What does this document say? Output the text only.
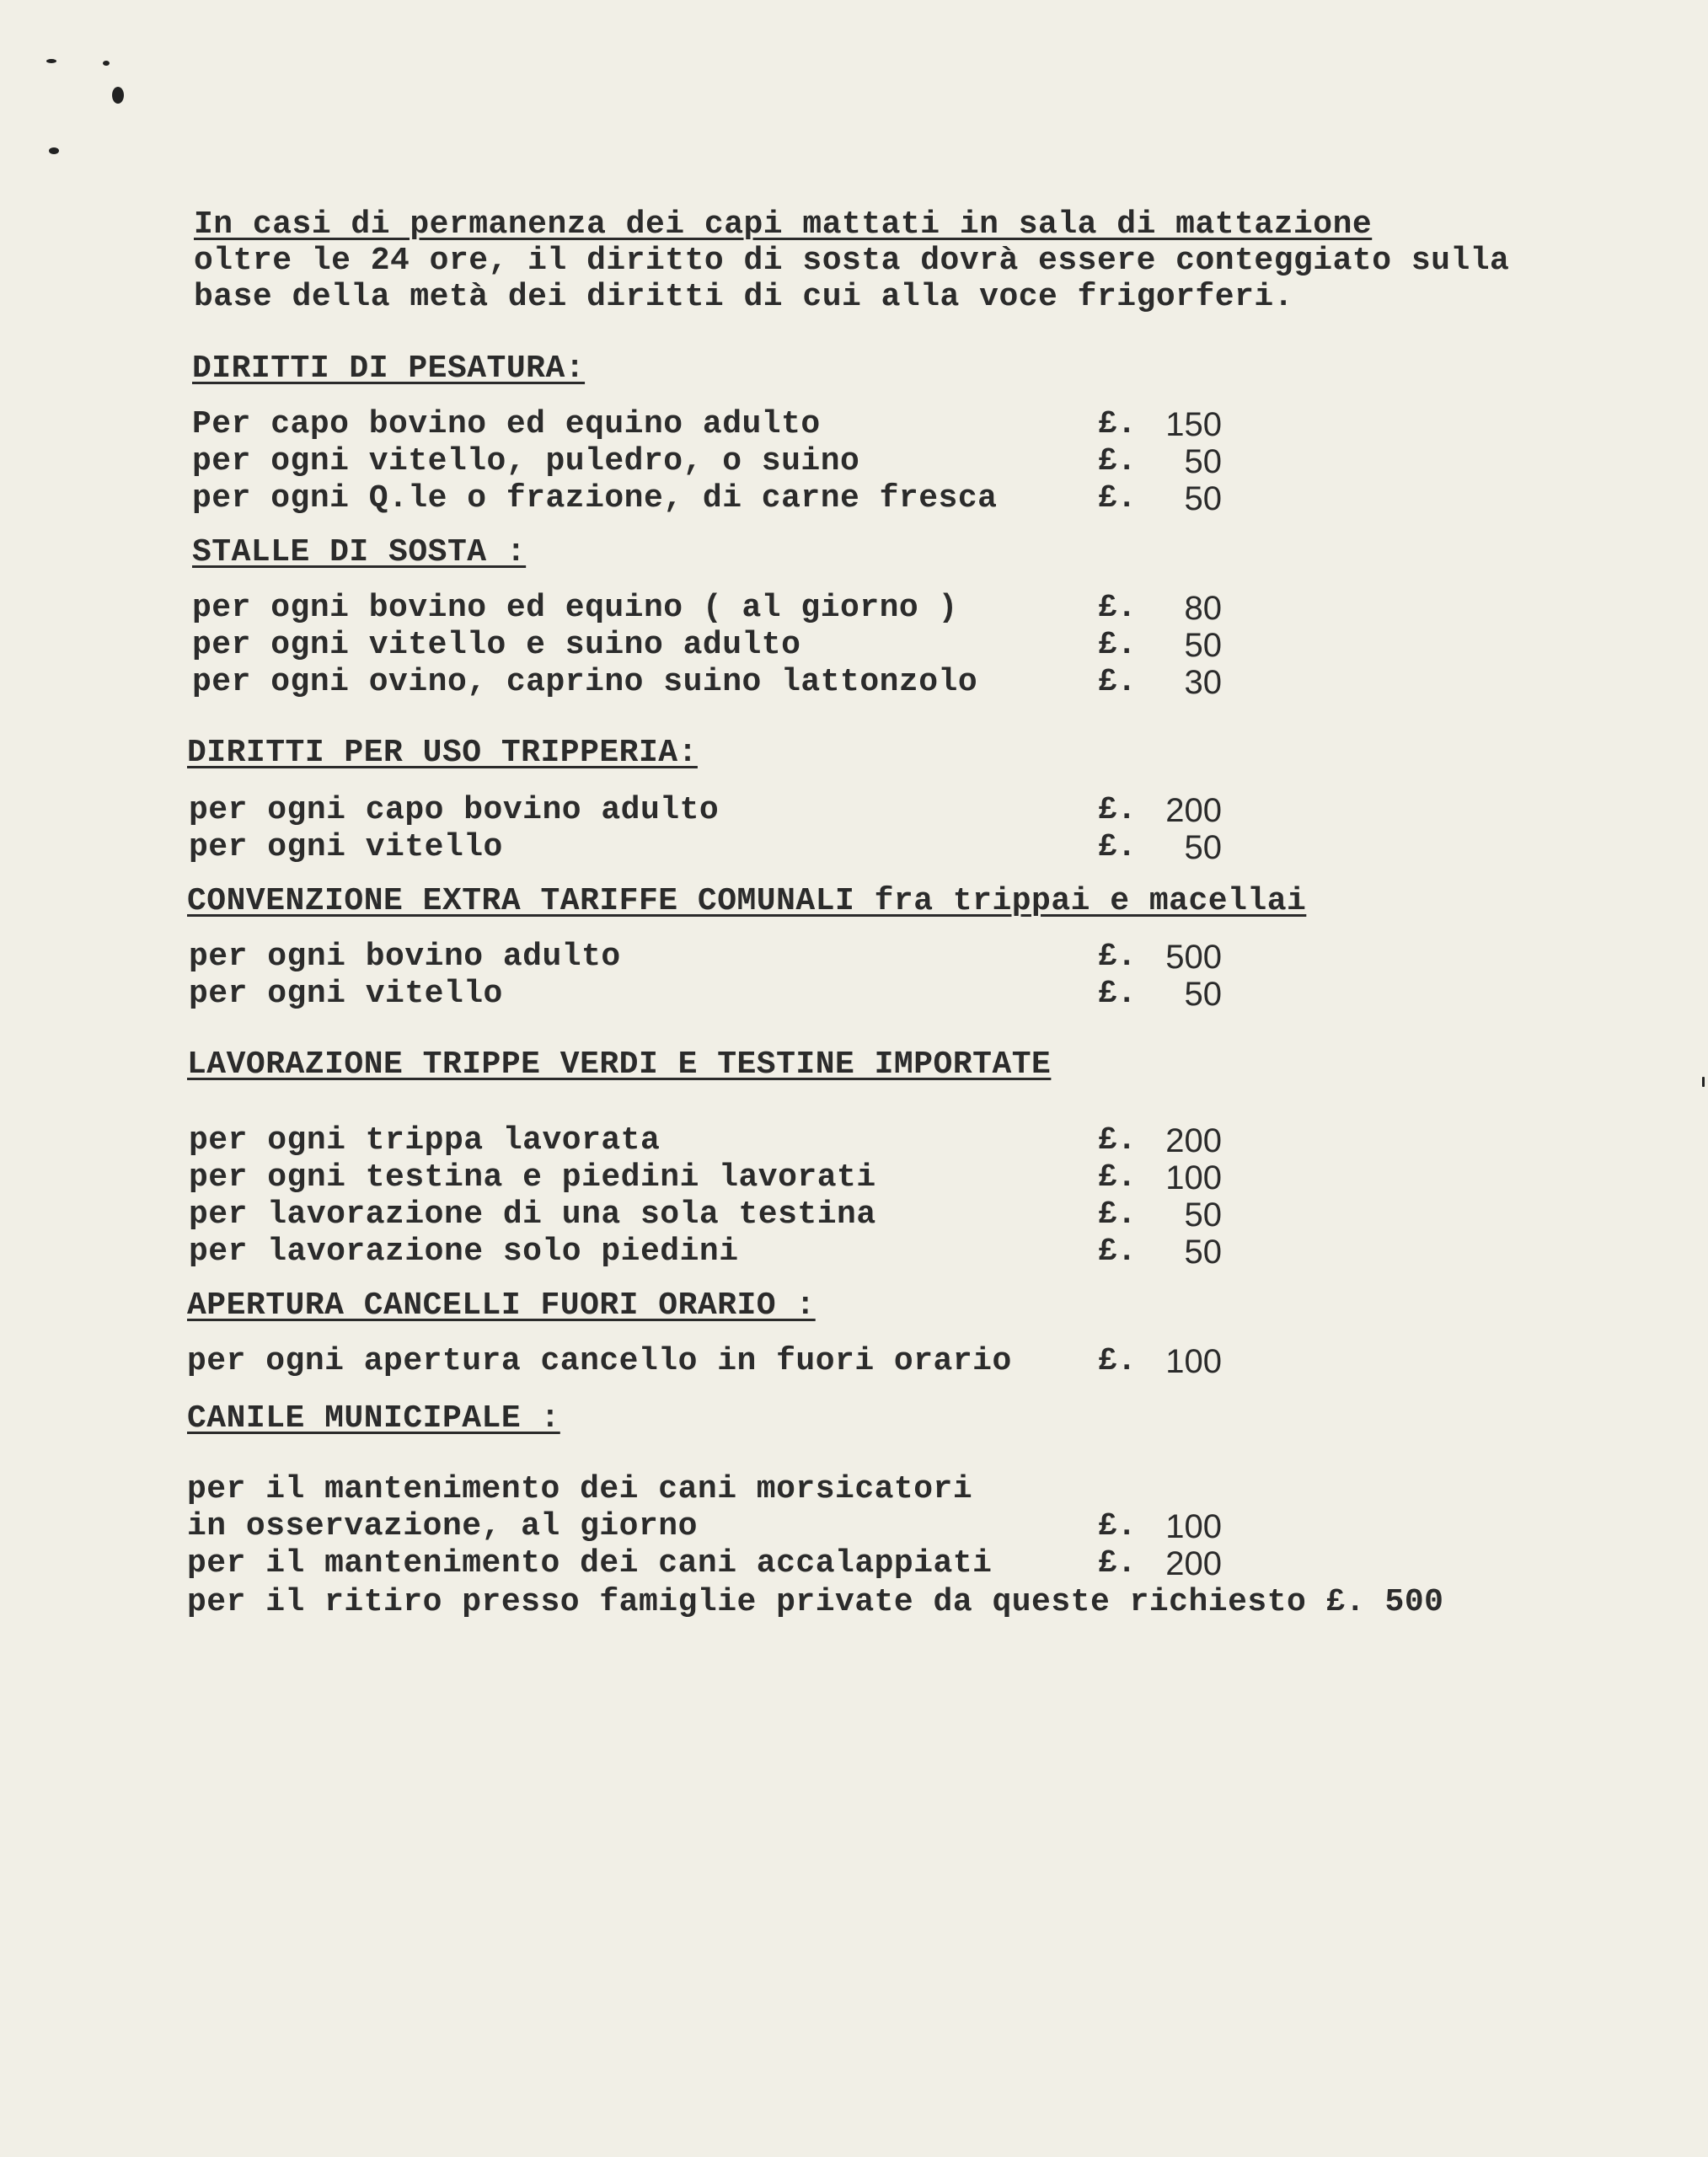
In casi di permanenza dei capi mattati in sala di mattazione
oltre le 24 ore, il diritto di sosta dovrà essere conteggiato sulla
base della metà dei diritti di cui alla voce frigorferi.
DIRITTI DI PESATURA:
Per capo bovino ed equino adulto	£. 150
per ogni vitello, puledro, o suino	£.	50
per ogni Q.le o frazione, di carne fresca	£.	50
STALLE DI SOSTA :
per ogni bovino ed equino ( al giorno )	£.	80
per ogni vitello e suino adulto	£.	50
per ogni ovino, caprino suino lattonzolo	£.	30
DIRITTI PER USO TRIPPERIA:
per ogni capo bovino adulto	£. 200
per ogni vitello	£.	50
CONVENZIONE EXTRA TARIFFE COMUNALI fra trippai e macellai
per ogni bovino adulto	£. 500
per ogni vitello	£.	50
LAVORAZIONE TRIPPE VERDI E TESTINE IMPORTATE
per ogni trippa lavorata	£. 200
per ogni testina e piedini lavorati	£. 100
per lavorazione di una sola testina	£.	50
per lavorazione solo piedini	£.	50
APERTURA CANCELLI FUORI ORARIO :
per ogni apertura cancello in fuori orario	£. 100
CANILE MUNICIPALE :
per il mantenimento dei cani morsicatori
in osservazione, al giorno	£. 100
per il mantenimento dei cani accalappiati	£. 200
per il ritiro presso famiglie private da queste richiesto £. 500
